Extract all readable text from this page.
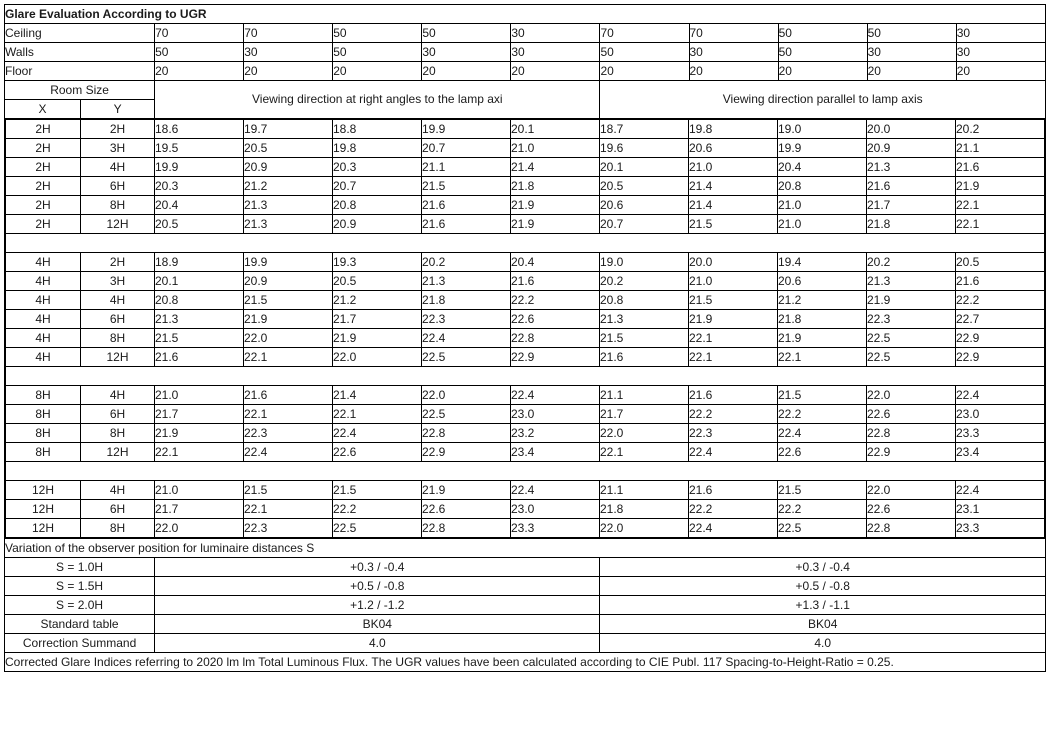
Glare Evaluation According to UGR
Ceiling	70	70	50	50	30	70	70	50	50	30
Walls	50	30	50	30	30	50	30	50	30	30
Floor	20	20	20	20	20	20	20	20	20	20
Room Size	Viewing direction at right angles to the lamp axi	Viewing direction parallel to lamp axis
X	Y

2H	2H	18.6	19.7	18.8	19.9	20.1	18.7	19.8	19.0	20.0	20.2
2H	3H	19.5	20.5	19.8	20.7	21.0	19.6	20.6	19.9	20.9	21.1
2H	4H	19.9	20.9	20.3	21.1	21.4	20.1	21.0	20.4	21.3	21.6
2H	6H	20.3	21.2	20.7	21.5	21.8	20.5	21.4	20.8	21.6	21.9
2H	8H	20.4	21.3	20.8	21.6	21.9	20.6	21.4	21.0	21.7	22.1
2H	12H	20.5	21.3	20.9	21.6	21.9	20.7	21.5	21.0	21.8	22.1

4H	2H	18.9	19.9	19.3	20.2	20.4	19.0	20.0	19.4	20.2	20.5
4H	3H	20.1	20.9	20.5	21.3	21.6	20.2	21.0	20.6	21.3	21.6
4H	4H	20.8	21.5	21.2	21.8	22.2	20.8	21.5	21.2	21.9	22.2
4H	6H	21.3	21.9	21.7	22.3	22.6	21.3	21.9	21.8	22.3	22.7
4H	8H	21.5	22.0	21.9	22.4	22.8	21.5	22.1	21.9	22.5	22.9
4H	12H	21.6	22.1	22.0	22.5	22.9	21.6	22.1	22.1	22.5	22.9

8H	4H	21.0	21.6	21.4	22.0	22.4	21.1	21.6	21.5	22.0	22.4
8H	6H	21.7	22.1	22.1	22.5	23.0	21.7	22.2	22.2	22.6	23.0
8H	8H	21.9	22.3	22.4	22.8	23.2	22.0	22.3	22.4	22.8	23.3
8H	12H	22.1	22.4	22.6	22.9	23.4	22.1	22.4	22.6	22.9	23.4

12H	4H	21.0	21.5	21.5	21.9	22.4	21.1	21.6	21.5	22.0	22.4
12H	6H	21.7	22.1	22.2	22.6	23.0	21.8	22.2	22.2	22.6	23.1
12H	8H	22.0	22.3	22.5	22.8	23.3	22.0	22.4	22.5	22.8	23.3

Variation of the observer position for luminaire distances S
S = 1.0H	+0.3 / -0.4	+0.3 / -0.4
S = 1.5H	+0.5 / -0.8	+0.5 / -0.8
S = 2.0H	+1.2 / -1.2	+1.3 / -1.1
Standard table	BK04	BK04
Correction Summand	4.0	4.0
Corrected Glare Indices referring to 2020 lm lm Total Luminous Flux. The UGR values have been calculated according to CIE Publ. 117 Spacing-to-Height-Ratio = 0.25.
